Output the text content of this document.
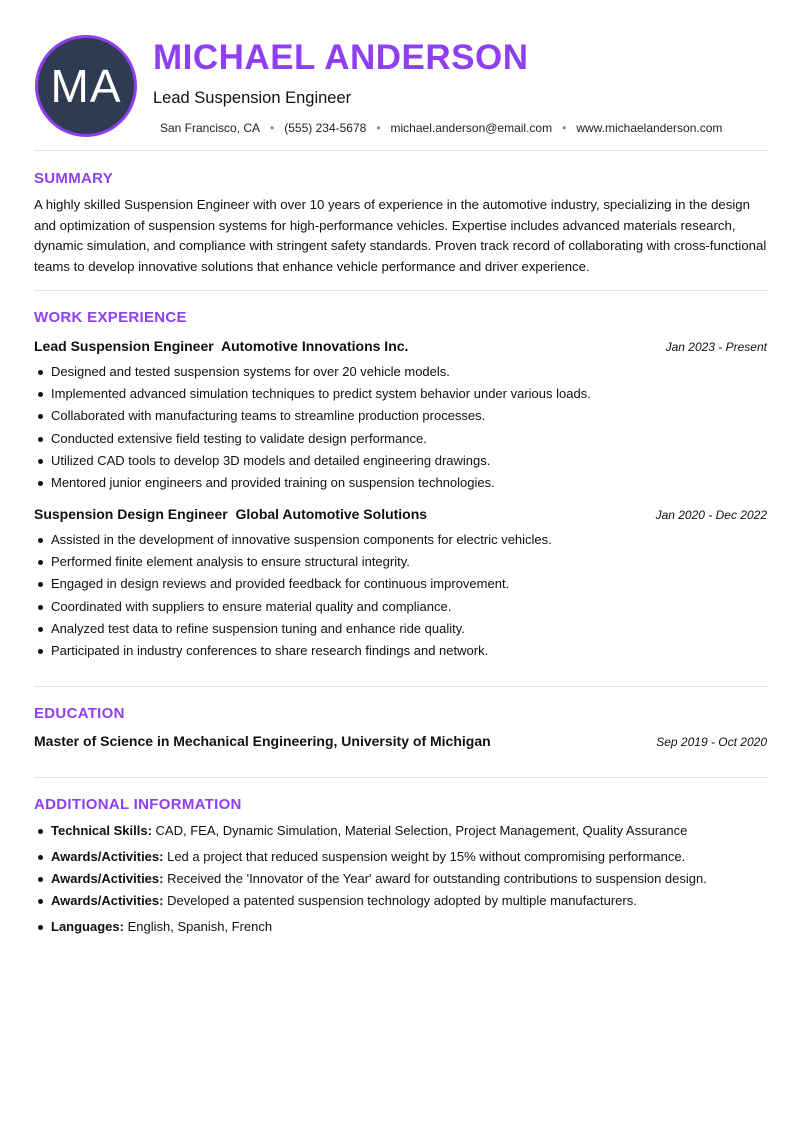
MA
MICHAEL ANDERSON
Lead Suspension Engineer
San Francisco, CA • (555) 234-5678 • michael.anderson@email.com • www.michaelanderson.com
SUMMARY

A highly skilled Suspension Engineer with over 10 years of experience in the automotive industry, specializing in the design and optimization of suspension systems for high-performance vehicles. Expertise includes advanced materials research, dynamic simulation, and compliance with stringent safety standards. Proven track record of collaborating with cross-functional teams to develop innovative solutions that enhance vehicle performance and driver experience.

WORK EXPERIENCE
Lead Suspension Engineer  Automotive Innovations Inc.	Jan 2023 - Present
Designed and tested suspension systems for over 20 vehicle models.
Implemented advanced simulation techniques to predict system behavior under various loads.
Collaborated with manufacturing teams to streamline production processes.
Conducted extensive field testing to validate design performance.
Utilized CAD tools to develop 3D models and detailed engineering drawings.
Mentored junior engineers and provided training on suspension technologies.
Suspension Design Engineer  Global Automotive Solutions	Jan 2020 - Dec 2022
Assisted in the development of innovative suspension components for electric vehicles.
Performed finite element analysis to ensure structural integrity.
Engaged in design reviews and provided feedback for continuous improvement.
Coordinated with suppliers to ensure material quality and compliance.
Analyzed test data to refine suspension tuning and enhance ride quality.
Participated in industry conferences to share research findings and network.
EDUCATION
Master of Science in Mechanical Engineering, University of Michigan	Sep 2019 - Oct 2020
ADDITIONAL INFORMATION
Technical Skills: CAD, FEA, Dynamic Simulation, Material Selection, Project Management, Quality Assurance
Awards/Activities: Led a project that reduced suspension weight by 15% without compromising performance.
Awards/Activities: Received the 'Innovator of the Year' award for outstanding contributions to suspension design.
Awards/Activities: Developed a patented suspension technology adopted by multiple manufacturers.
Languages: English, Spanish, French
